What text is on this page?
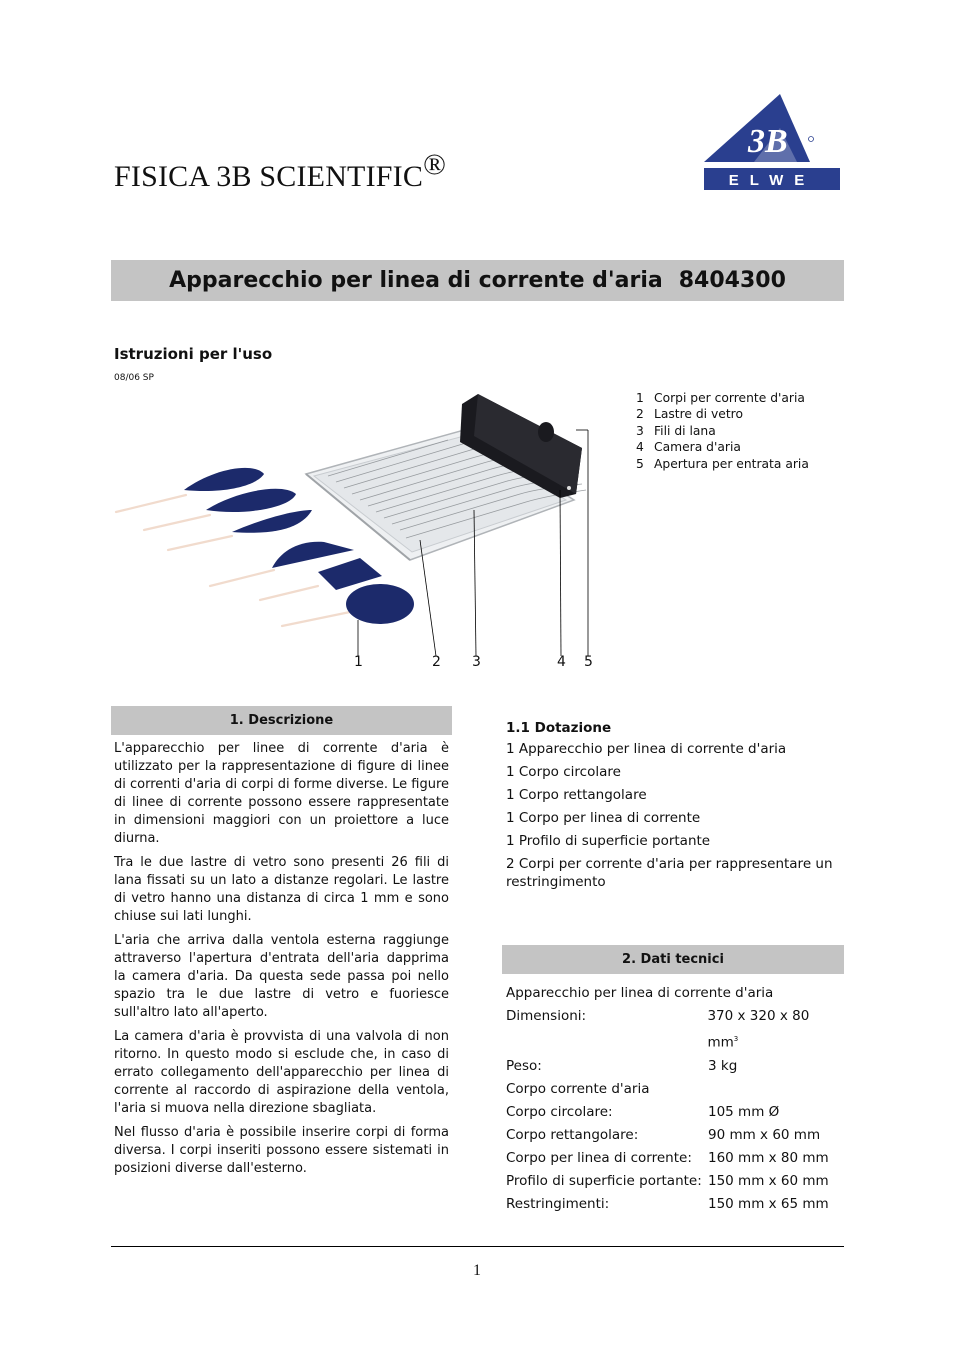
FISICA 3B SCIENTIFIC®
3B
ELWE
Apparecchio per linea di corrente d'aria 8404300
Istruzioni per l'uso
08/06 SP
1	2 3	4 5
1 Corpi per corrente d'aria
2 Lastre di vetro
3 Fili di lana
4 Camera d'aria
5 Apertura per entrata aria
1. Descrizione

L'apparecchio per linee di corrente d'aria è utilizzato per la rappresentazione di figure di linee di correnti d'aria di corpi di forme diverse. Le figure di linee di corrente possono essere rappresentate in dimensioni maggiori con un proiettore a luce diurna.

Tra le due lastre di vetro sono presenti 26 fili di lana fissati su un lato a distanze regolari. Le lastre di vetro hanno una distanza di circa 1 mm e sono chiuse sui lati lunghi.

L'aria che arriva dalla ventola esterna raggiunge attraverso l'apertura d'entrata dell'aria dapprima la camera d'aria. Da questa sede passa poi nello spazio tra le due lastre di vetro e fuoriesce sull'altro lato all'aperto.

La camera d'aria è provvista di una valvola di non ritorno. In questo modo si esclude che, in caso di errato collegamento dell'apparecchio per linea di corrente al raccordo di aspirazione della ventola, l'aria si muova nella direzione sbagliata.

Nel flusso d'aria è possibile inserire corpi di forma diversa. I corpi inseriti possono essere sistemati in posizioni diverse dall'esterno.

1.1 Dotazione
1 Apparecchio per linea di corrente d'aria
1 Corpo circolare
1 Corpo rettangolare
1 Corpo per linea di corrente
1 Profilo di superficie portante
2 Corpi per corrente d'aria per rappresentare un restringimento
2. Dati tecnici
Apparecchio per linea di corrente d'aria
Dimensioni:	370 x 320 x 80 $mm^3$
Peso:	3 kg
Corpo corrente d'aria
Corpo circolare:	105 mm Ø
Corpo rettangolare:	90 mm x 60 mm
Corpo per linea di corrente:	160 mm x 80 mm
Profilo di superficie portante: 150 mm x 60 mm
Restringimenti:	150 mm x 65 mm
1
